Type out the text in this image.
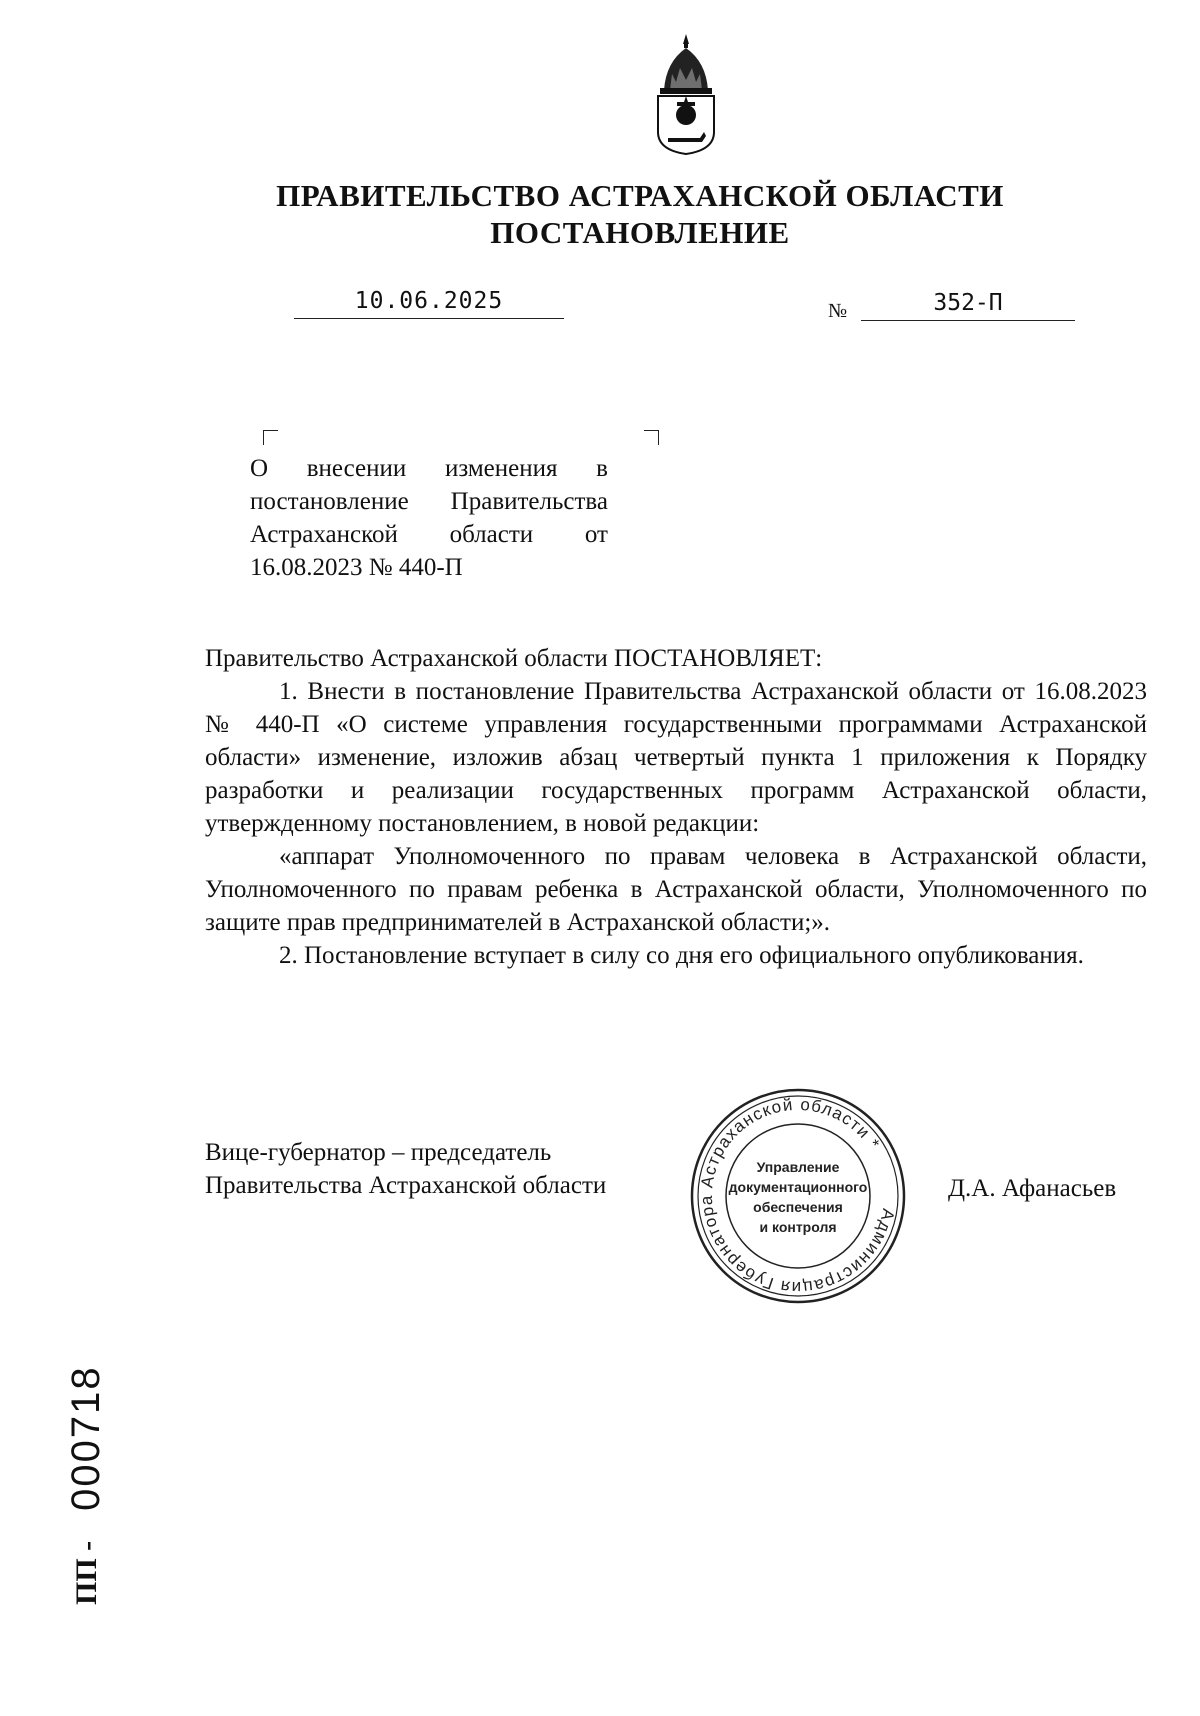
ПРАВИТЕЛЬСТВО АСТРАХАНСКОЙ ОБЛАСТИ
ПОСТАНОВЛЕНИЕ
10.06.2025	№	352-П
О внесении изменения в постановление Правительства Астраханской области от 16.08.2023 № 440-П

Правительство Астраханской области ПОСТАНОВЛЯЕТ:

1. Внести в постановление Правительства Астраханской области от 16.08.2023 № 440-П «О системе управления государственными программами Астраханской области» изменение, изложив абзац четвертый пункта 1 приложения к Порядку разработки и реализации государственных программ Астраханской области, утвержденному постановлением, в новой редакции:

«аппарат Уполномоченного по правам человека в Астраханской области, Уполномоченного по правам ребенка в Астраханской области, Уполномоченного по защите прав предпринимателей в Астраханской области;».

2. Постановление вступает в силу со дня его официального опубликования.

Вице-губернатор – председатель
Правительства Астраханской области	Д.А. Афанасьев
Администрация Губернатора Астраханской области *
Управление
документационного
обеспечения
и контроля
ПП -
000718
